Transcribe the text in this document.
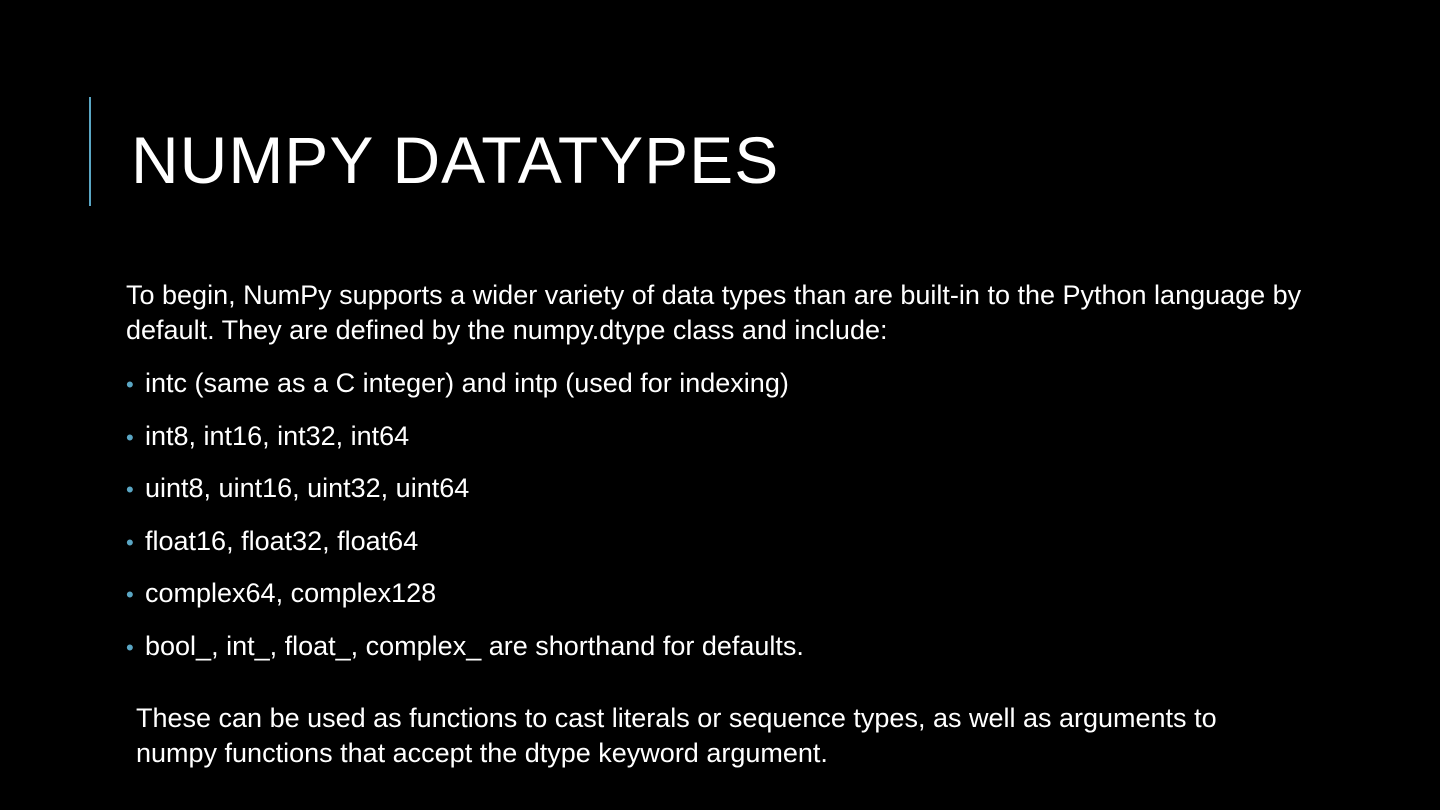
NUMPY DATATYPES

To begin, NumPy supports a wider variety of data types than are built-in to the Python language by default. They are defined by the numpy.dtype class and include:

• intc (same as a C integer) and intp (used for indexing)
• int8, int16, int32, int64
• uint8, uint16, uint32, uint64
• float16, float32, float64
• complex64, complex128
• bool_, int_, float_, complex_ are shorthand for defaults.

These can be used as functions to cast literals or sequence types, as well as arguments to numpy functions that accept the dtype keyword argument.
